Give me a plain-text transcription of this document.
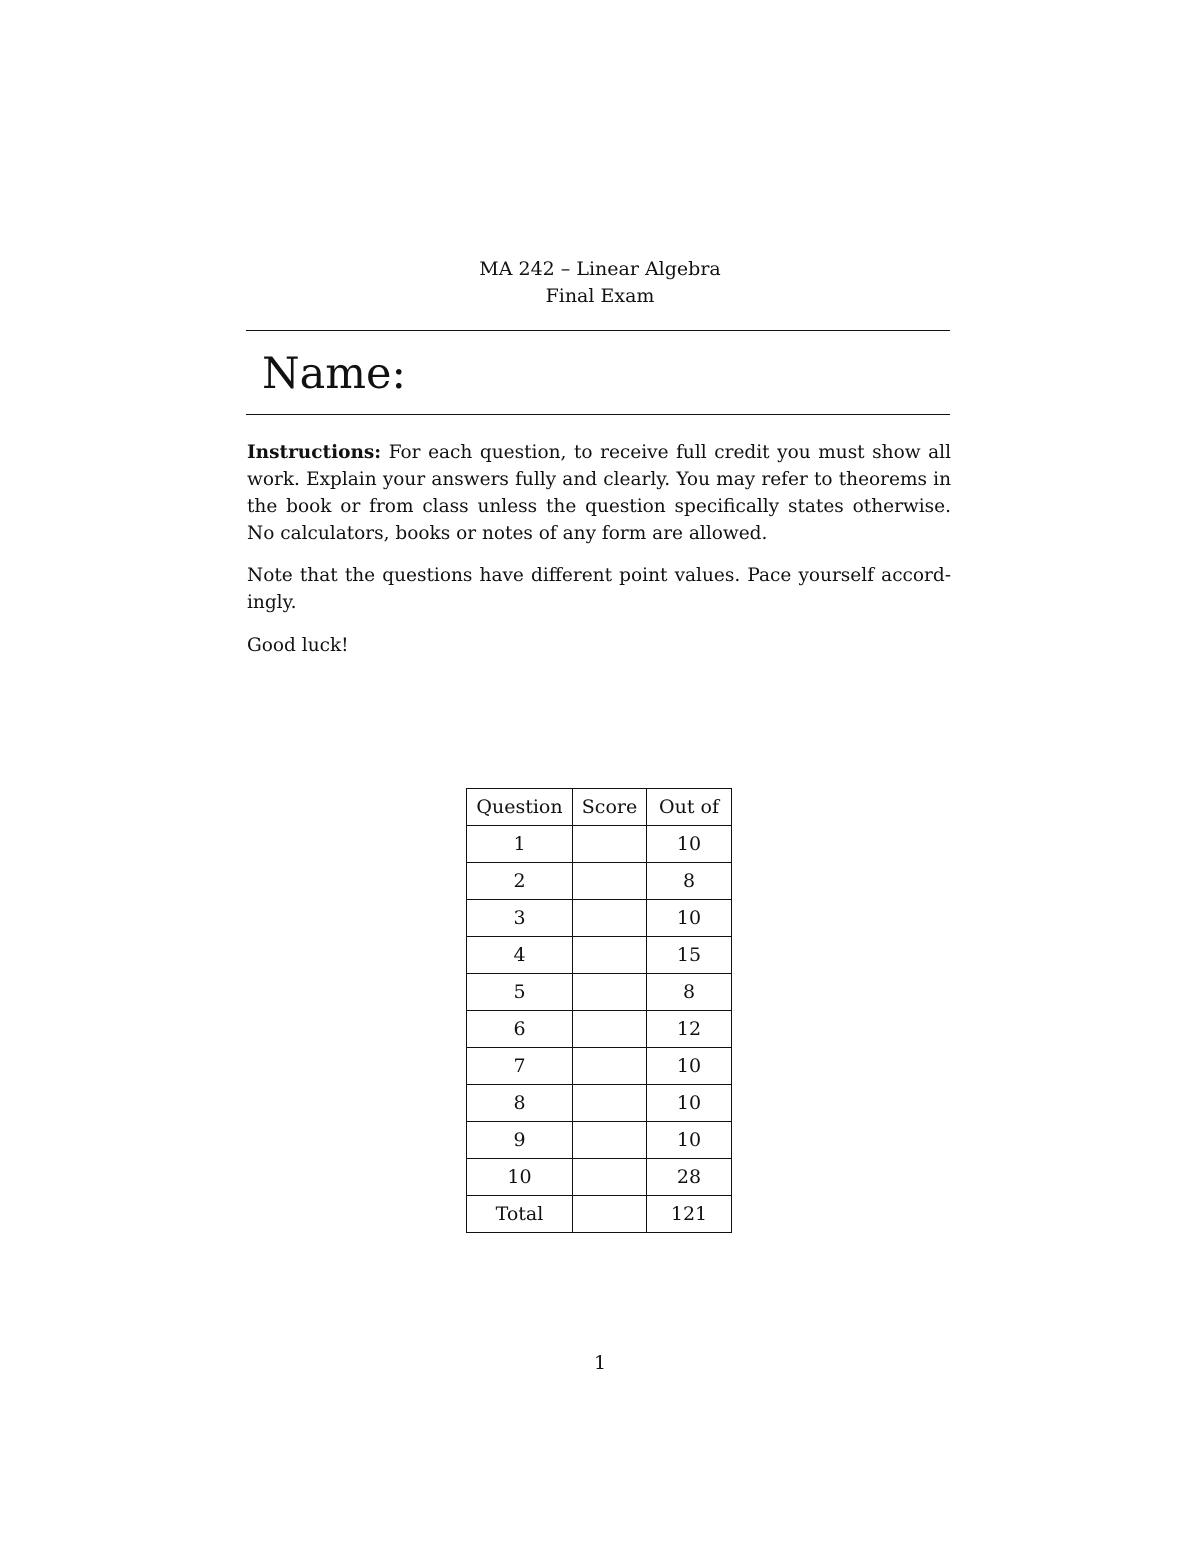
MA 242 – Linear Algebra
Final Exam
Name:
Instructions: For each question, to receive full credit you must show all work. Explain your answers fully and clearly. You may refer to theorems in the book or from class unless the question specifically states otherwise. No calculators, books or notes of any form are allowed.
Note that the questions have different point values. Pace yourself accord- ingly.
Good luck!
Question	Score	Out of
1		10
2		8
3		10
4		15
5		8
6		12
7		10
8		10
9		10
10		28
Total		121
1
